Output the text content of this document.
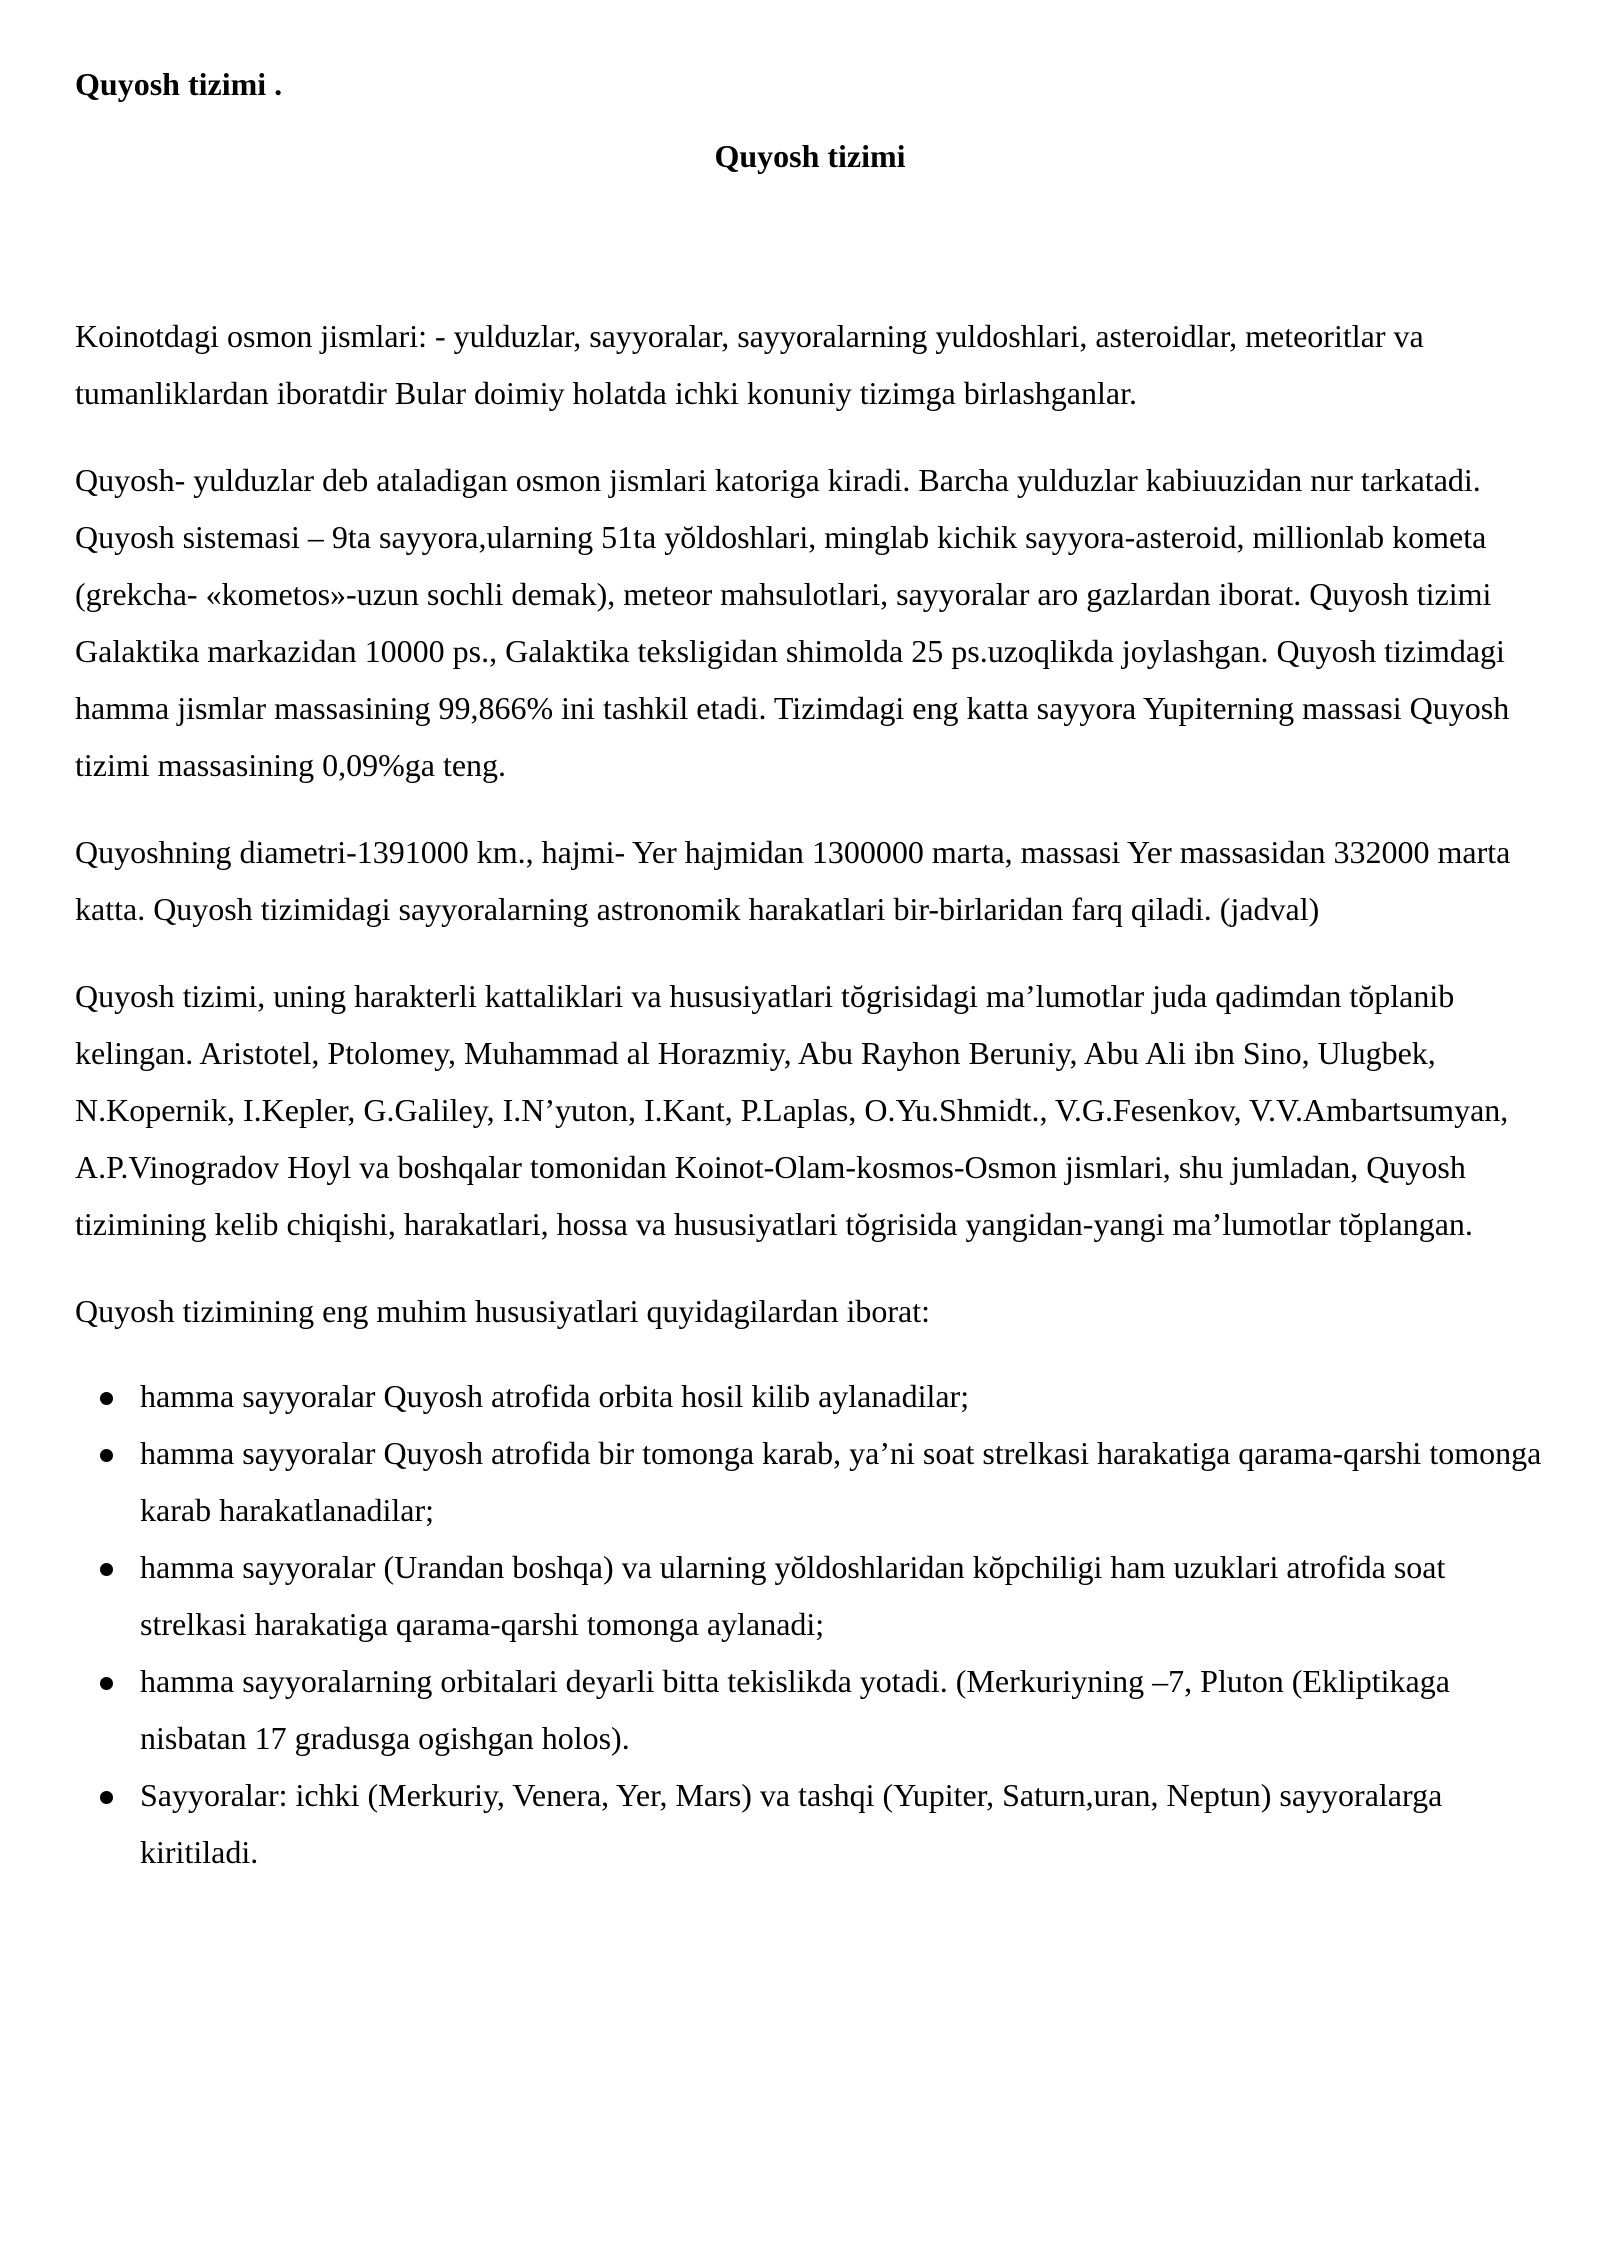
Quyosh tizimi .

Quyosh tizimi

Koinotdagi osmon jismlari: - yulduzlar, sayyoralar, sayyoralarning yuldoshlari, asteroidlar, meteoritlar va tumanliklardan iboratdir Bular doimiy holatda ichki konuniy tizimga birlashganlar.

Quyosh- yulduzlar deb ataladigan osmon jismlari katoriga kiradi. Barcha yulduzlar kabiuuzidan nur tarkatadi. Quyosh sistemasi – 9ta sayyora,ularning 51ta yŏldoshlari, minglab kichik sayyora-asteroid, millionlab kometa (grekcha- «kometos»-uzun sochli demak), meteor mahsulotlari, sayyoralar aro gazlardan iborat. Quyosh tizimi Galaktika markazidan 10000 ps., Galaktika teksligidan shimolda 25 ps.uzoqlikda joylashgan. Quyosh tizimdagi hamma jismlar massasining 99,866% ini tashkil etadi. Tizimdagi eng katta sayyora Yupiterning massasi Quyosh tizimi massasining 0,09%ga teng.

Quyoshning diametri-1391000 km., hajmi- Yer hajmidan 1300000 marta, massasi Yer massasidan 332000 marta katta. Quyosh tizimidagi sayyoralarning astronomik harakatlari bir-birlaridan farq qiladi. (jadval)

Quyosh tizimi, uning harakterli kattaliklari va hususiyatlari tŏgrisidagi ma’lumotlar juda qadimdan tŏplanib kelingan. Aristotel, Ptolomey, Muhammad al Horazmiy, Abu Rayhon Beruniy, Abu Ali ibn Sino, Ulugbek, N.Kopernik, I.Kepler, G.Galiley, I.N’yuton, I.Kant, P.Laplas, O.Yu.Shmidt., V.G.Fesenkov, V.V.Ambartsumyan, A.P.Vinogradov Hoyl va boshqalar tomonidan Koinot-Olam-kosmos-Osmon jismlari, shu jumladan, Quyosh tizimining kelib chiqishi, harakatlari, hossa va hususiyatlari tŏgrisida yangidan-yangi ma’lumotlar tŏplangan.

Quyosh tizimining eng muhim hususiyatlari quyidagilardan iborat:

hamma sayyoralar Quyosh atrofida orbita hosil kilib aylanadilar;
hamma sayyoralar Quyosh atrofida bir tomonga karab, ya’ni soat strelkasi harakatiga qarama-qarshi tomonga karab harakatlanadilar;
hamma sayyoralar (Urandan boshqa) va ularning yŏldoshlaridan kŏpchiligi ham uzuklari atrofida soat strelkasi harakatiga qarama-qarshi tomonga aylanadi;
hamma sayyoralarning orbitalari deyarli bitta tekislikda yotadi. (Merkuriyning –7, Pluton (Ekliptikaga nisbatan 17 gradusga ogishgan holos).
Sayyoralar: ichki (Merkuriy, Venera, Yer, Mars) va tashqi (Yupiter, Saturn,uran, Neptun) sayyoralarga kiritiladi.
